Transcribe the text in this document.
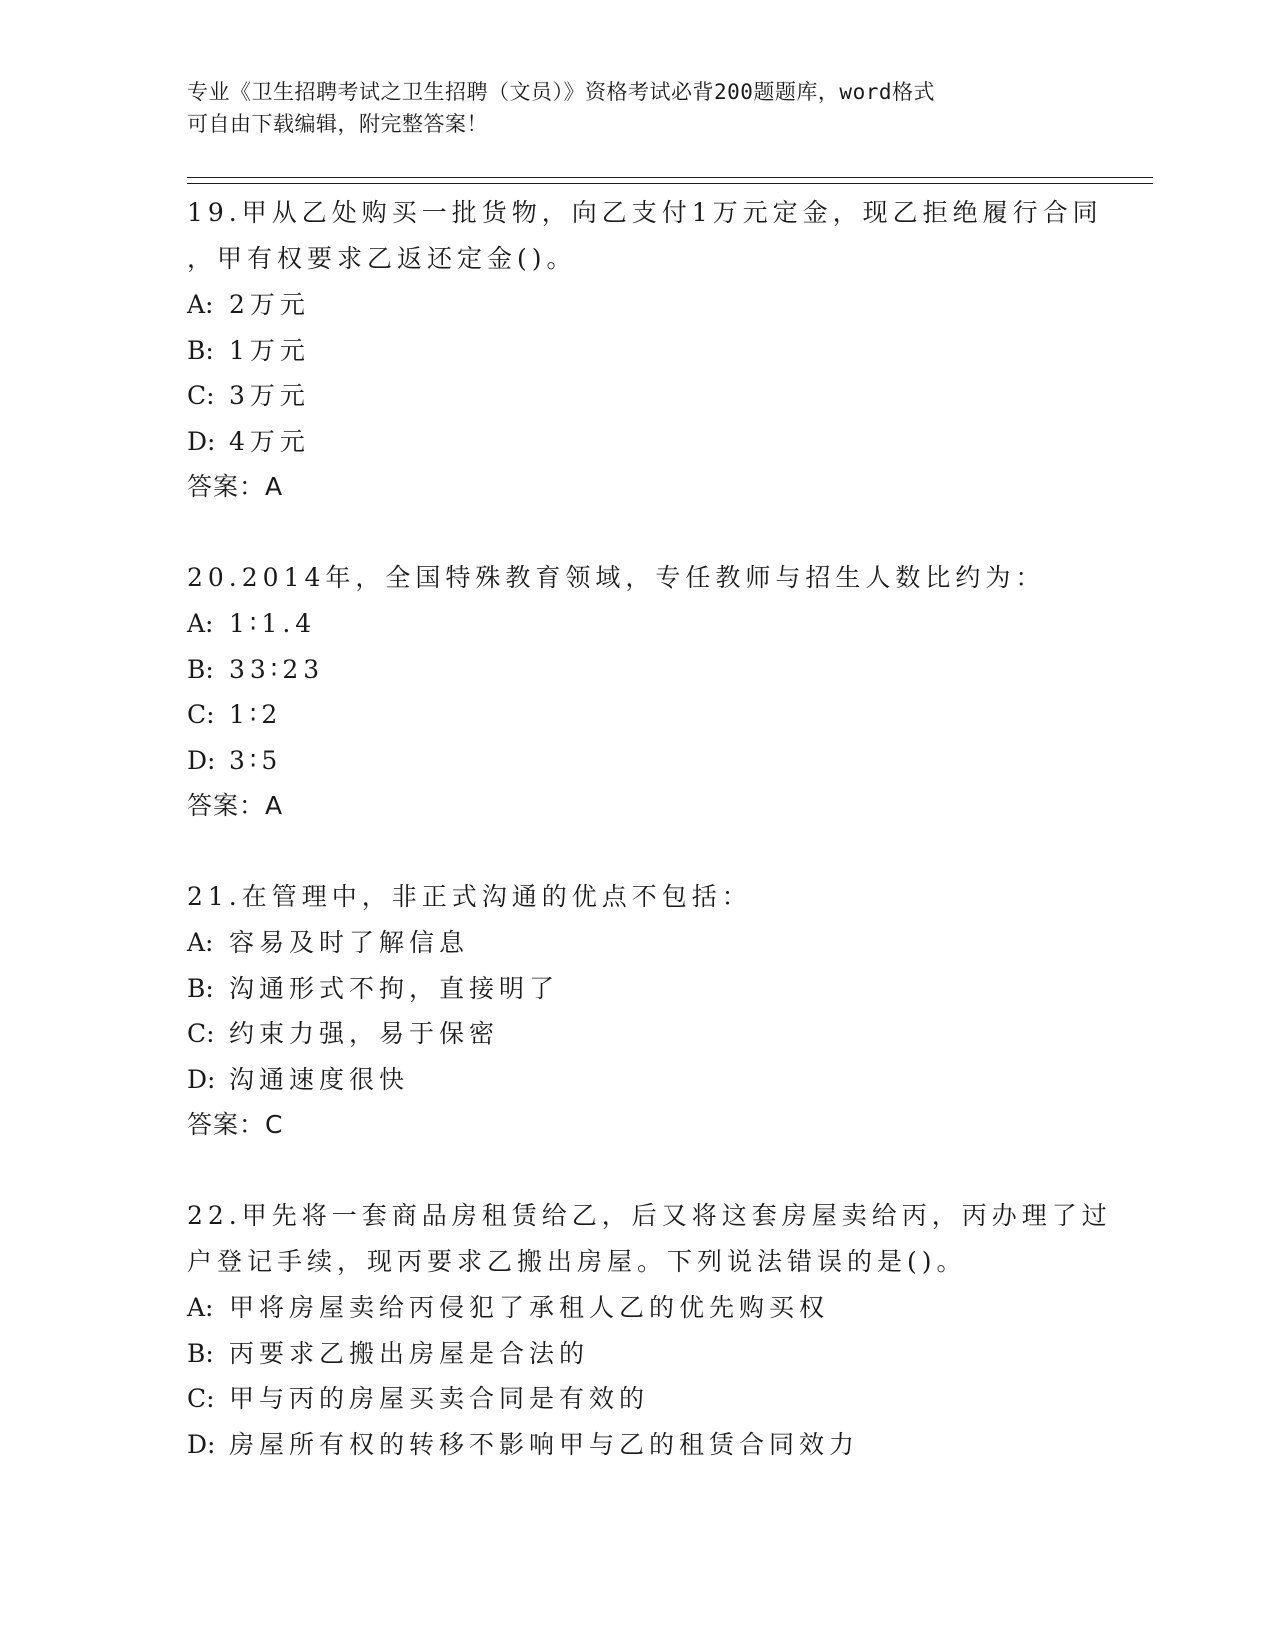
专业《卫生招聘考试之卫生招聘（文员）》资格考试必背200题题库，word格式
可自由下载编辑，附完整答案！
19.甲从乙处购买一批货物，向乙支付1万元定金，现乙拒绝履行合同
，甲有权要求乙返还定金()。
A: 2万元
B: 1万元
C: 3万元
D: 4万元
答案：A
20.2014年，全国特殊教育领域，专任教师与招生人数比约为：
A: 1∶1.4
B: 33∶23
C: 1∶2
D: 3∶5
答案：A
21.在管理中，非正式沟通的优点不包括：
A: 容易及时了解信息
B: 沟通形式不拘，直接明了
C: 约束力强，易于保密
D: 沟通速度很快
答案：C
22.甲先将一套商品房租赁给乙，后又将这套房屋卖给丙，丙办理了过
户登记手续，现丙要求乙搬出房屋。下列说法错误的是()。
A: 甲将房屋卖给丙侵犯了承租人乙的优先购买权
B: 丙要求乙搬出房屋是合法的
C: 甲与丙的房屋买卖合同是有效的
D: 房屋所有权的转移不影响甲与乙的租赁合同效力
